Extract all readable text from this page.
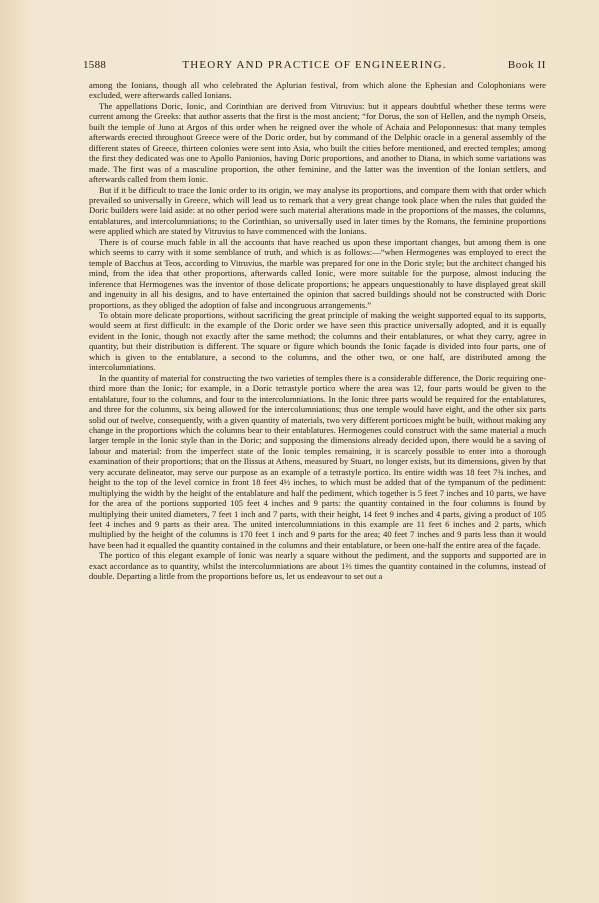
1588	THEORY AND PRACTICE OF ENGINEERING.	Book II

among the Ionians, though all who celebrated the Aplurian festival, from which alone the Ephesian and Colophonians were excluded, were afterwards called Ionians.

The appellations Doric, Ionic, and Corinthian are derived from Vitruvius: but it appears doubtful whether these terms were current among the Greeks: that author asserts that the first is the most ancient; “for Dorus, the son of Hellen, and the nymph Orseis, built the temple of Juno at Argos of this order when he reigned over the whole of Achaia and Peloponnesus: that many temples afterwards erected throughout Greece were of the Doric order, but by command of the Delphic oracle in a general assembly of the different states of Greece, thirteen colonies were sent into Asia, who built the cities before mentioned, and erected temples; among the first they dedicated was one to Apollo Panionios, having Doric proportions, and another to Diana, in which some variations was made. The first was of a masculine proportion, the other feminine, and the latter was the invention of the Ionian settlers, and afterwards called from them Ionic.

But if it be difficult to trace the Ionic order to its origin, we may analyse its proportions, and compare them with that order which prevailed so universally in Greece, which will lead us to remark that a very great change took place when the rules that guided the Doric builders were laid aside: at no other period were such material alterations made in the proportions of the masses, the columns, entablatures, and intercolumniations; to the Corinthian, so universally used in later times by the Romans, the feminine proportions were applied which are stated by Vitruvius to have commenced with the Ionians.

There is of course much fable in all the accounts that have reached us upon these important changes, but among them is one which seems to carry with it some semblance of truth, and which is as follows:—“when Hermogenes was employed to erect the temple of Bacchus at Teos, according to Vitruvius, the marble was prepared for one in the Doric style; but the architect changed his mind, from the idea that other proportions, afterwards called Ionic, were more suitable for the purpose, almost inducing the inference that Hermogenes was the inventor of those delicate proportions; he appears unquestionably to have displayed great skill and ingenuity in all his designs, and to have entertained the opinion that sacred buildings should not be constructed with Doric proportions, as they obliged the adoption of false and incongruous arrangements.”

To obtain more delicate proportions, without sacrificing the great principle of making the weight supported equal to its supports, would seem at first difficult: in the example of the Doric order we have seen this practice universally adopted, and it is equally evident in the Ionic, though not exactly after the same method; the columns and their entablatures, or what they carry, agree in quantity, but their distribution is different. The square or figure which bounds the Ionic façade is divided into four parts, one of which is given to the entablature, a second to the columns, and the other two, or one half, are distributed among the intercolumniations.

In the quantity of material for constructing the two varieties of temples there is a considerable difference, the Doric requiring one-third more than the Ionic; for example, in a Doric tetrastyle portico where the area was 12, four parts would be given to the entablature, four to the columns, and four to the intercolumniations. In the Ionic three parts would be required for the entablatures, and three for the columns, six being allowed for the intercolumniations; thus one temple would have eight, and the other six parts solid out of twelve, consequently, with a given quantity of materials, two very different porticoes might be built, without making any change in the proportions which the columns bear to their entablatures. Hermogenes could construct with the same material a much larger temple in the Ionic style than in the Doric; and supposing the dimensions already decided upon, there would be a saving of labour and material: from the imperfect state of the Ionic temples remaining, it is scarcely possible to enter into a thorough examination of their proportions; that on the Ilissus at Athens, measured by Stuart, no longer exists, but its dimensions, given by that very accurate delineator, may serve our purpose as an example of a tetrastyle portico. Its entire width was 18 feet 7¾ inches, and height to the top of the level cornice in front 18 feet 4½ inches, to which must be added that of the tympanum of the pediment: multiplying the width by the height of the entablature and half the pediment, which together is 5 feet 7 inches and 10 parts, we have for the area of the portions supported 105 feet 4 inches and 9 parts: the quantity contained in the four columns is found by multiplying their united diameters, 7 feet 1 inch and 7 parts, with their height, 14 feet 9 inches and 4 parts, giving a product of 105 feet 4 inches and 9 parts as their area. The united intercolumniations in this example are 11 feet 6 inches and 2 parts, which multiplied by the height of the columns is 170 feet 1 inch and 9 parts for the area; 40 feet 7 inches and 9 parts less than it would have been had it equalled the quantity contained in the columns and their entablature, or been one-half the entire area of the façade.

The portico of this elegant example of Ionic was nearly a square without the pediment, and the supports and supported are in exact accordance as to quantity, whilst the intercolumniations are about 1⅔ times the quantity contained in the columns, instead of double. Departing a little from the proportions before us, let us endeavour to set out a
